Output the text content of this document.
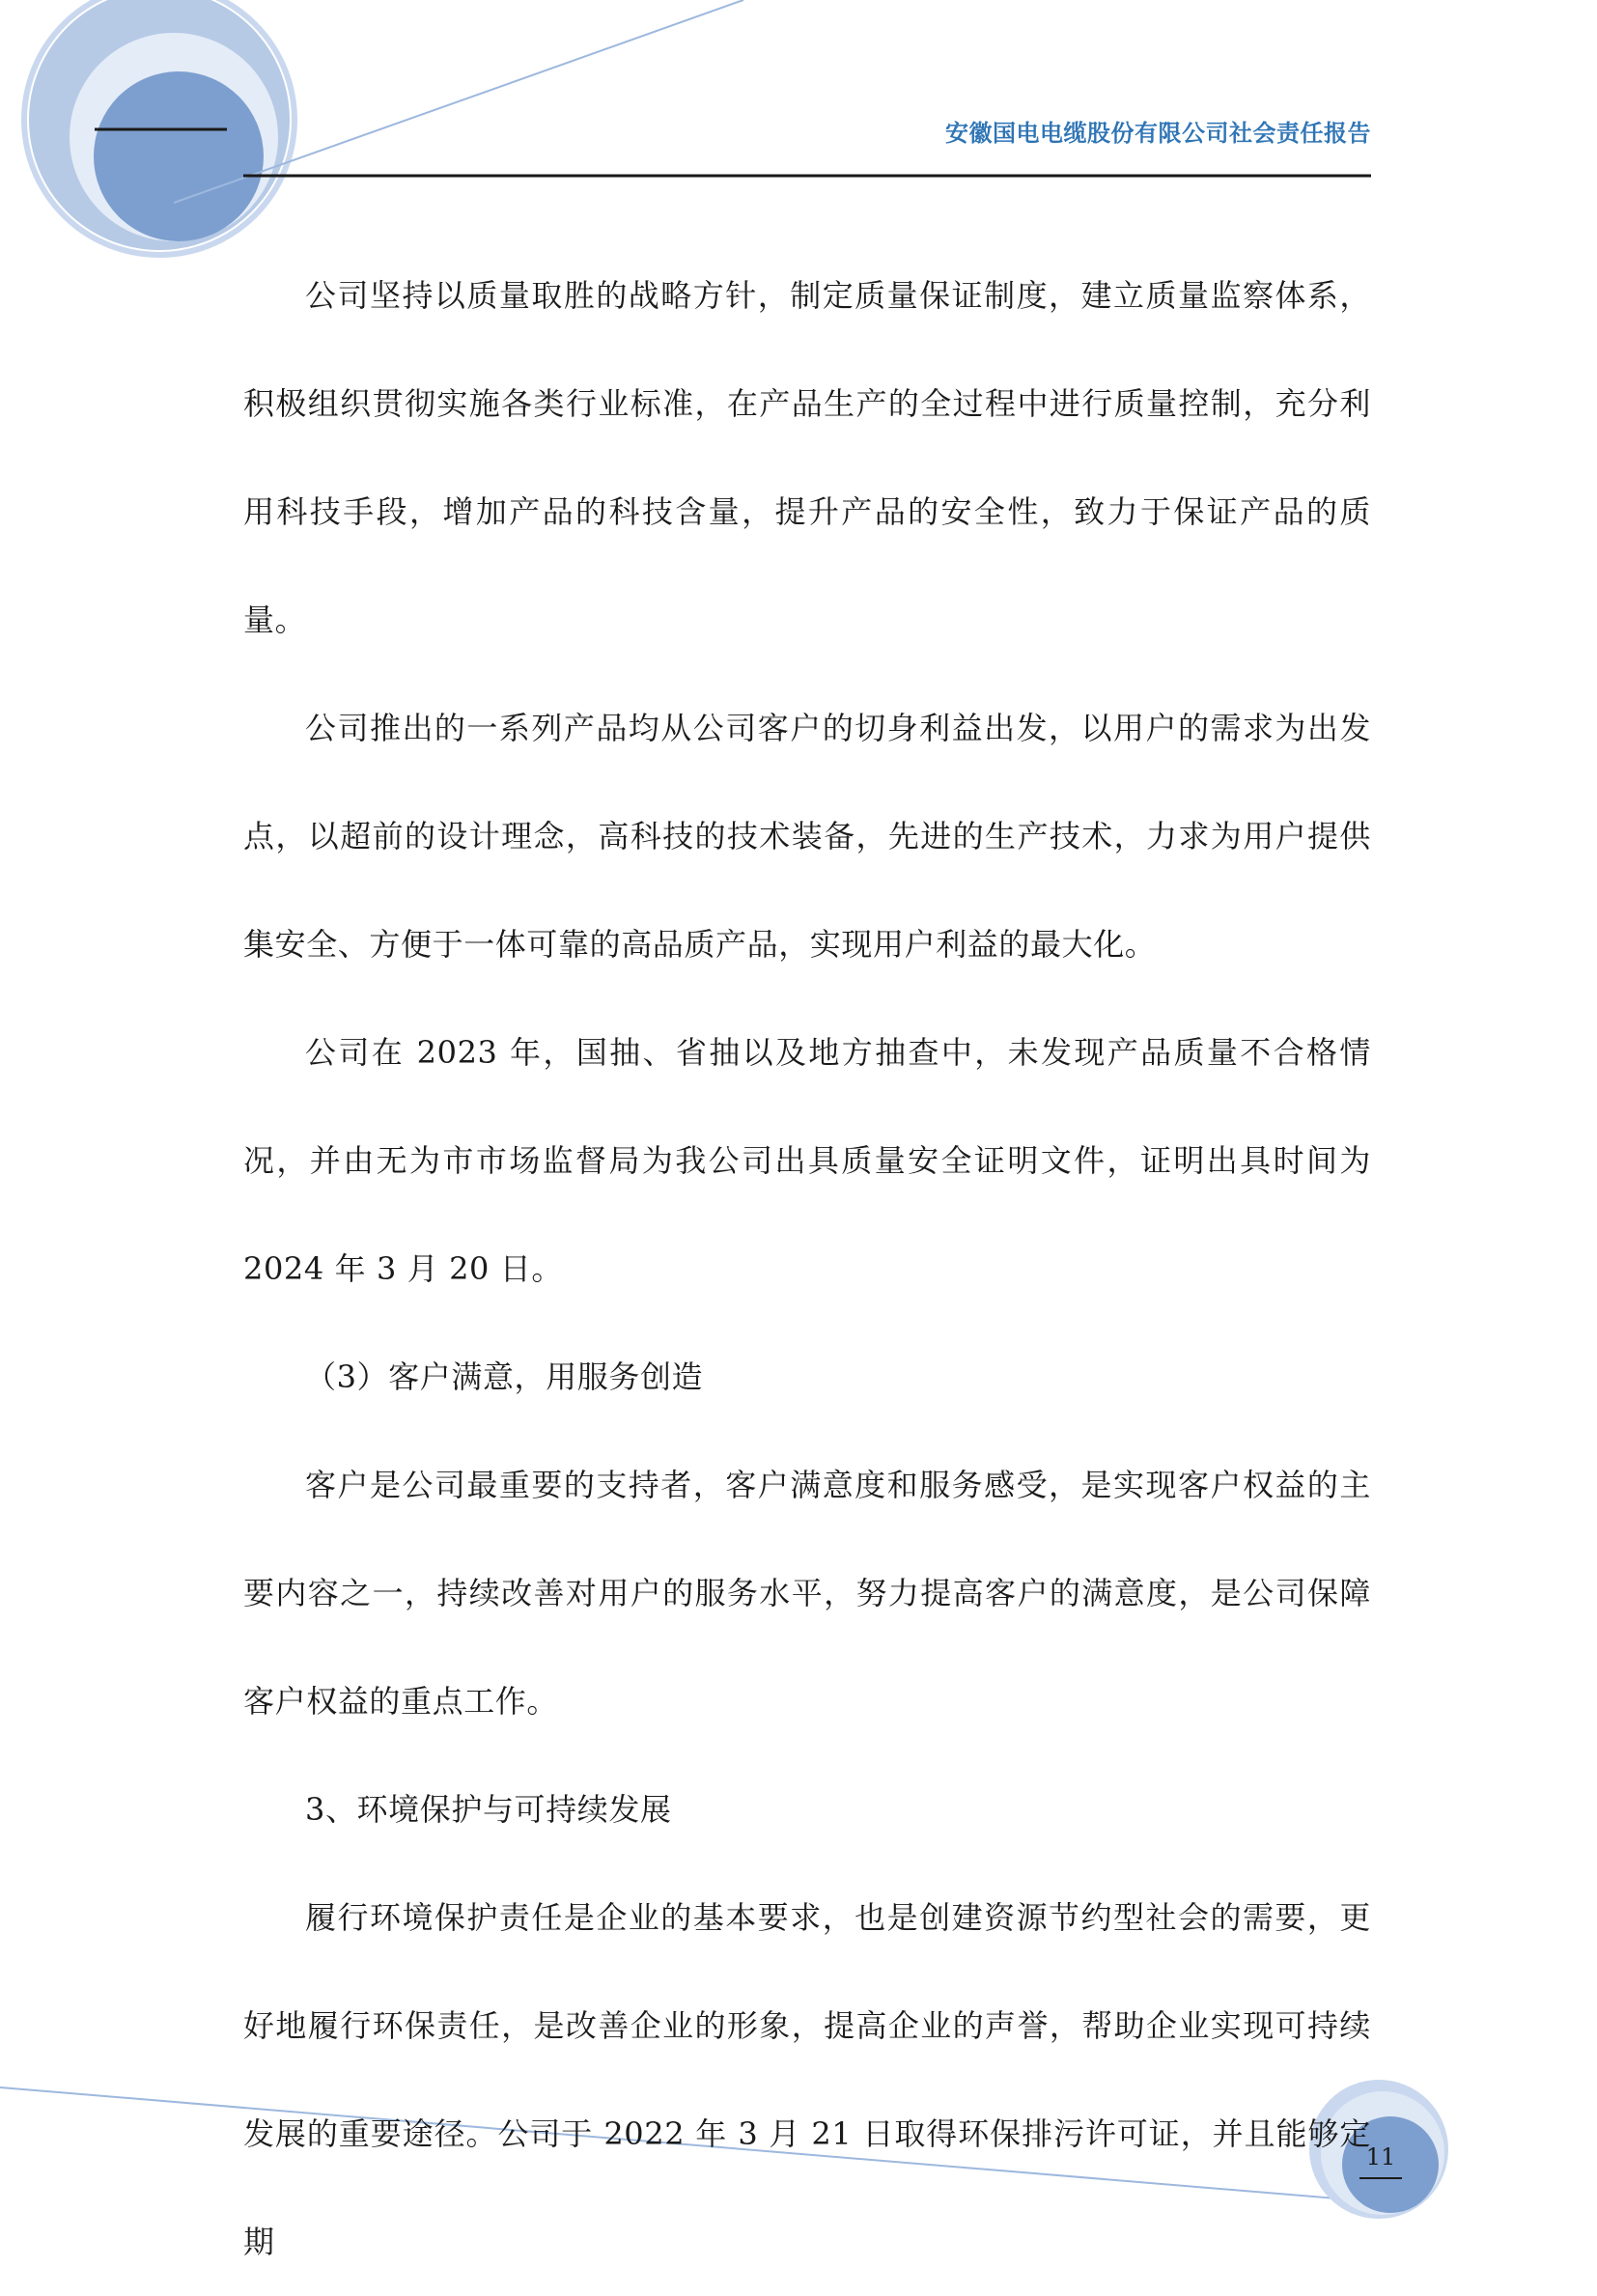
安徽国电电缆股份有限公司社会责任报告

公司坚持以质量取胜的战略方针，制定质量保证制度，建立质量监察体系，积极组织贯彻实施各类行业标准，在产品生产的全过程中进行质量控制，充分利用科技手段，增加产品的科技含量，提升产品的安全性，致力于保证产品的质量。

公司推出的一系列产品均从公司客户的切身利益出发，以用户的需求为出发点，以超前的设计理念，高科技的技术装备，先进的生产技术，力求为用户提供集安全、方便于一体可靠的高品质产品，实现用户利益的最大化。

公司在 2023 年，国抽、省抽以及地方抽查中，未发现产品质量不合格情况，并由无为市市场监督局为我公司出具质量安全证明文件，证明出具时间为 2024 年 3 月 20 日。

（3）客户满意，用服务创造

客户是公司最重要的支持者，客户满意度和服务感受，是实现客户权益的主要内容之一，持续改善对用户的服务水平，努力提高客户的满意度，是公司保障客户权益的重点工作。

3、环境保护与可持续发展

履行环境保护责任是企业的基本要求，也是创建资源节约型社会的需要，更好地履行环保责任，是改善企业的形象，提高企业的声誉，帮助企业实现可持续发展的重要途径。公司于 2022 年 3 月 21 日取得环保排污许可证，并且能够定期

11
